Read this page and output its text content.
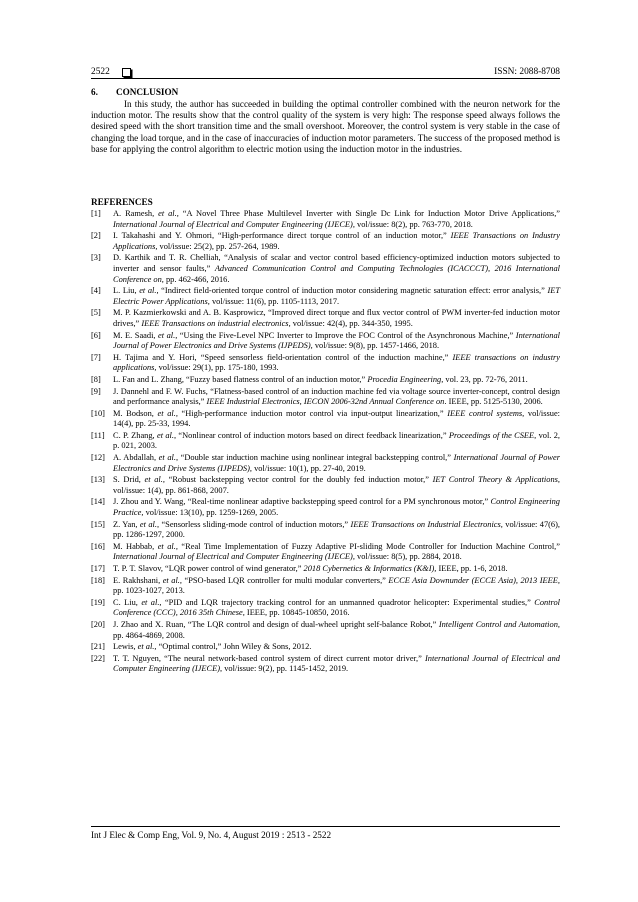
2522	ISSN: 2088-8708
6. CONCLUSION

In this study, the author has succeeded in building the optimal controller combined with the neuron network for the induction motor. The results show that the control quality of the system is very high: The response speed always follows the desired speed with the short transition time and the small overshoot. Moreover, the control system is very stable in the case of changing the load torque, and in the case of inaccuracies of induction motor parameters. The success of the proposed method is base for applying the control algorithm to electric motion using the induction motor in the industries.

REFERENCES
[1]	A. Ramesh, et al., “A Novel Three Phase Multilevel Inverter with Single Dc Link for Induction Motor Drive Applications,” International Journal of Electrical and Computer Engineering (IJECE), vol/issue: 8(2), pp. 763-770, 2018.
[2]	I. Takahashi and Y. Ohmori, “High-performance direct torque control of an induction motor,” IEEE Transactions on Industry Applications, vol/issue: 25(2), pp. 257-264, 1989.
[3]	D. Karthik and T. R. Chelliah, “Analysis of scalar and vector control based efficiency-optimized induction motors subjected to inverter and sensor faults,” Advanced Communication Control and Computing Technologies (ICACCCT), 2016 International Conference on, pp. 462-466, 2016.
[4]	L. Liu, et al., “Indirect field-oriented torque control of induction motor considering magnetic saturation effect: error analysis,” IET Electric Power Applications, vol/issue: 11(6), pp. 1105-1113, 2017.
[5]	M. P. Kazmierkowski and A. B. Kasprowicz, “Improved direct torque and flux vector control of PWM inverter-fed induction motor drives,” IEEE Transactions on industrial electronics, vol/issue: 42(4), pp. 344-350, 1995.
[6]	M. E. Saadi, et al., “Using the Five-Level NPC Inverter to Improve the FOC Control of the Asynchronous Machine,” International Journal of Power Electronics and Drive Systems (IJPEDS), vol/issue: 9(8), pp. 1457-1466, 2018.
[7]	H. Tajima and Y. Hori, “Speed sensorless field-orientation control of the induction machine,” IEEE transactions on industry applications, vol/issue: 29(1), pp. 175-180, 1993.
[8]	L. Fan and L. Zhang, “Fuzzy based flatness control of an induction motor,” Procedia Engineering, vol. 23, pp. 72-76, 2011.
[9]	J. Dannehl and F. W. Fuchs, “Flatness-based control of an induction machine fed via voltage source inverter-concept, control design and performance analysis,” IEEE Industrial Electronics, IECON 2006-32nd Annual Conference on. IEEE, pp. 5125-5130, 2006.
[10] M. Bodson, et al., “High-performance induction motor control via input-output linearization,” IEEE control systems, vol/issue: 14(4), pp. 25-33, 1994.
[11] C. P. Zhang, et al., “Nonlinear control of induction motors based on direct feedback linearization,” Proceedings of the CSEE, vol. 2, p. 021, 2003.
[12] A. Abdallah, et al., “Double star induction machine using nonlinear integral backstepping control,” International Journal of Power Electronics and Drive Systems (IJPEDS), vol/issue: 10(1), pp. 27-40, 2019.
[13] S. Drid, et al., “Robust backstepping vector control for the doubly fed induction motor,” IET Control Theory & Applications, vol/issue: 1(4), pp. 861-868, 2007.
[14] J. Zhou and Y. Wang, “Real-time nonlinear adaptive backstepping speed control for a PM synchronous motor,” Control Engineering Practice, vol/issue: 13(10), pp. 1259-1269, 2005.
[15] Z. Yan, et al., “Sensorless sliding-mode control of induction motors,” IEEE Transactions on Industrial Electronics, vol/issue: 47(6), pp. 1286-1297, 2000.
[16] M. Habbab, et al., “Real Time Implementation of Fuzzy Adaptive PI-sliding Mode Controller for Induction Machine Control,” International Journal of Electrical and Computer Engineering (IJECE), vol/issue: 8(5), pp. 2884, 2018.
[17] T. P. T. Slavov, “LQR power control of wind generator,” 2018 Cybernetics & Informatics (K&I), IEEE, pp. 1-6, 2018.
[18] E. Rakhshani, et al., “PSO-based LQR controller for multi modular converters,” ECCE Asia Downunder (ECCE Asia), 2013 IEEE, pp. 1023-1027, 2013.
[19] C. Liu, et al., “PID and LQR trajectory tracking control for an unmanned quadrotor helicopter: Experimental studies,” Control Conference (CCC), 2016 35th Chinese, IEEE, pp. 10845-10850, 2016.
[20] J. Zhao and X. Ruan, “The LQR control and design of dual-wheel upright self-balance Robot,” Intelligent Control and Automation, pp. 4864-4869, 2008.
[21] Lewis, et al., “Optimal control,” John Wiley & Sons, 2012.
[22] T. T. Nguyen, “The neural network-based control system of direct current motor driver,” International Journal of Electrical and Computer Engineering (IJECE), vol/issue: 9(2), pp. 1145-1452, 2019.
Int J Elec & Comp Eng, Vol. 9, No. 4, August 2019 : 2513 - 2522
